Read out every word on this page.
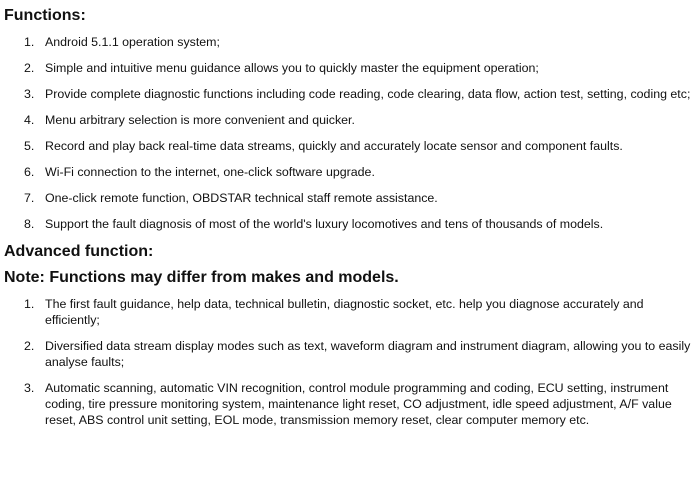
Functions:
1. Android 5.1.1 operation system;
2. Simple and intuitive menu guidance allows you to quickly master the equipment operation;
3. Provide complete diagnostic functions including code reading, code clearing, data flow, action test, setting, coding etc;
4. Menu arbitrary selection is more convenient and quicker.
5. Record and play back real-time data streams, quickly and accurately locate sensor and component faults.
6. Wi-Fi connection to the internet, one-click software upgrade.
7. One-click remote function, OBDSTAR technical staff remote assistance.
8. Support the fault diagnosis of most of the world's luxury locomotives and tens of thousands of models.
Advanced function:
Note: Functions may differ from makes and models.
1. The first fault guidance, help data, technical bulletin, diagnostic socket, etc. help you diagnose accurately and efficiently;
2. Diversified data stream display modes such as text, waveform diagram and instrument diagram, allowing you to easily analyse faults;
3. Automatic scanning, automatic VIN recognition, control module programming and coding, ECU setting, instrument coding, tire pressure monitoring system, maintenance light reset, CO adjustment, idle speed adjustment, A/F value reset, ABS control unit setting, EOL mode, transmission memory reset, clear computer memory etc.
